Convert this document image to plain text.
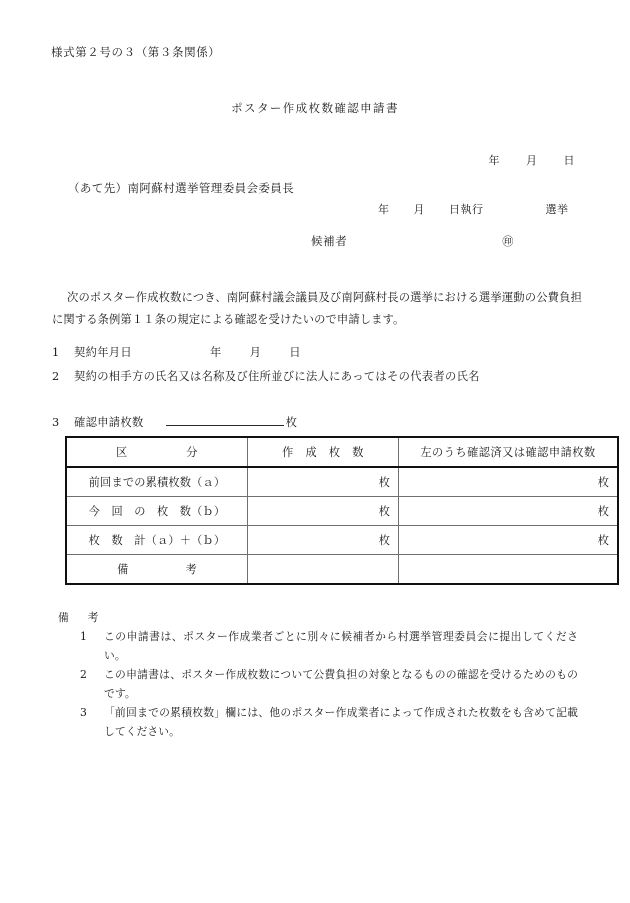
様式第２号の３（第３条関係）
ポスター作成枚数確認申請書
年 月 日
（あて先）南阿蘇村選挙管理委員会委員長
年 月 日執行	選挙
候補者	㊞
次のポスター作成枚数につき、南阿蘇村議会議員及び南阿蘇村長の選挙における選挙運動の公費負担に関する条例第１１条の規定による確認を受けたいので申請します。
1 契約年月日	年 月 日
2 契約の相手方の氏名又は名称及び住所並びに法人にあってはその代表者の氏名
3 確認申請枚数	枚
区　　　　　分	作　成　枚　数	左のうち確認済又は確認申請枚数
前回までの累積枚数（ａ）	枚	枚
今　回　の　枚　数（ｂ）	枚	枚
枚　数　計（ａ）＋（ｂ）	枚	枚
備　　　　　考		
備　考
1	この申請書は、ポスター作成業者ごとに別々に候補者から村選挙管理委員会に提出してください。
2	この申請書は、ポスター作成枚数について公費負担の対象となるものの確認を受けるためのものです。
3	「前回までの累積枚数」欄には、他のポスター作成業者によって作成された枚数をも含めて記載してください。
